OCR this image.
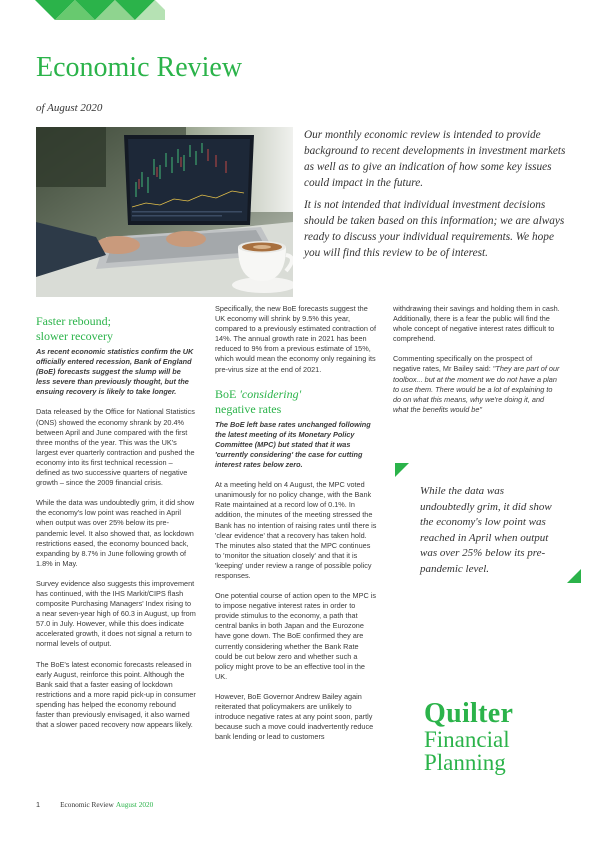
Economic Review
of August 2020

Our monthly economic review is intended to provide background to recent developments in investment markets as well as to give an indication of how some key issues could impact in the future.

It is not intended that individual investment decisions should be taken based on this information; we are always ready to discuss your individual requirements. We hope you will find this review to be of interest.

Faster rebound;
slower recovery

As recent economic statistics confirm the UK officially entered recession, Bank of England (BoE) forecasts suggest the slump will be less severe than previously thought, but the ensuing recovery is likely to take longer.

Data released by the Office for National Statistics (ONS) showed the economy shrank by 20.4% between April and June compared with the first three months of the year. This was the UK's largest ever quarterly contraction and pushed the economy into its first technical recession – defined as two successive quarters of negative growth – since the 2009 financial crisis.

While the data was undoubtedly grim, it did show the economy's low point was reached in April when output was over 25% below its pre-pandemic level. It also showed that, as lockdown restrictions eased, the economy bounced back, expanding by 8.7% in June following growth of 1.8% in May.

Survey evidence also suggests this improvement has continued, with the IHS Markit/CIPS flash composite Purchasing Managers' Index rising to a near seven-year high of 60.3 in August, up from 57.0 in July. However, while this does indicate accelerated growth, it does not signal a return to normal levels of output.

The BoE's latest economic forecasts released in early August, reinforce this point. Although the Bank said that a faster easing of lockdown restrictions and a more rapid pick-up in consumer spending has helped the economy rebound faster than previously envisaged, it also warned that a slower paced recovery now appears likely.

Specifically, the new BoE forecasts suggest the UK economy will shrink by 9.5% this year, compared to a previously estimated contraction of 14%. The annual growth rate in 2021 has been reduced to 9% from a previous estimate of 15%, which would mean the economy only regaining its pre-virus size at the end of 2021.

BoE 'considering'
negative rates

The BoE left base rates unchanged following the latest meeting of its Monetary Policy Committee (MPC) but stated that it was 'currently considering' the case for cutting interest rates below zero.

At a meeting held on 4 August, the MPC voted unanimously for no policy change, with the Bank Rate maintained at a record low of 0.1%. In addition, the minutes of the meeting stressed the Bank has no intention of raising rates until there is 'clear evidence' that a recovery has taken hold. The minutes also stated that the MPC continues to 'monitor the situation closely' and that it is 'keeping' under review a range of possible policy responses.

One potential course of action open to the MPC is to impose negative interest rates in order to provide stimulus to the economy, a path that central banks in both Japan and the Eurozone have gone down. The BoE confirmed they are currently considering whether the Bank Rate could be cut below zero and whether such a policy might prove to be an effective tool in the UK.

However, BoE Governor Andrew Bailey again reiterated that policymakers are unlikely to introduce negative rates at any point soon, partly because such a move could inadvertently reduce bank lending or lead to customers

withdrawing their savings and holding them in cash. Additionally, there is a fear the public will find the whole concept of negative interest rates difficult to comprehend.

Commenting specifically on the prospect of negative rates, Mr Bailey said: "They are part of our toolbox... but at the moment we do not have a plan to use them. There would be a lot of explaining to do on what this means, why we're doing it, and what the benefits would be"

While the data was undoubtedly grim, it did show the economy's low point was reached in April when output was over 25% below its pre-pandemic level.
Quilter
Financial
Planning
1	Economic Review August 2020
